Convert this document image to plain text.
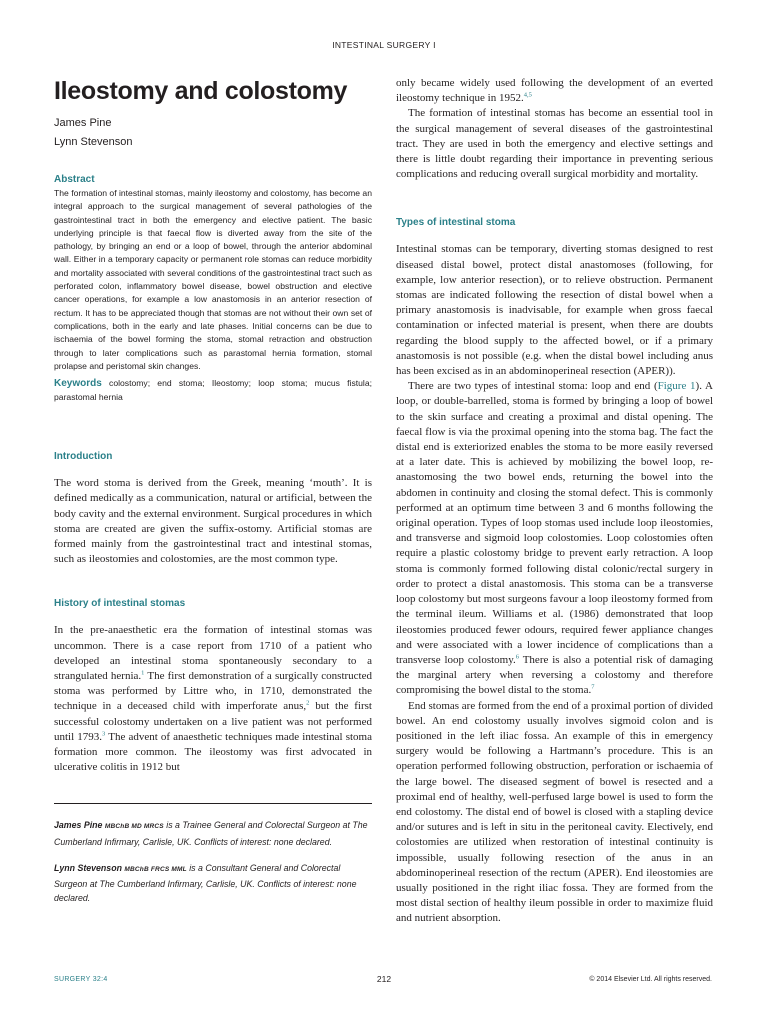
INTESTINAL SURGERY I
Ileostomy and colostomy
James Pine
Lynn Stevenson
Abstract

The formation of intestinal stomas, mainly ileostomy and colostomy, has become an integral approach to the surgical management of several pathologies of the gastrointestinal tract in both the emergency and elective patient. The basic underlying principle is that faecal flow is diverted away from the site of the pathology, by bringing an end or a loop of bowel, through the anterior abdominal wall. Either in a temporary capacity or permanent role stomas can reduce morbidity and mortality associated with several conditions of the gastrointestinal tract such as perforated colon, inflammatory bowel disease, bowel obstruction and elective cancer operations, for example a low anastomosis in an anterior resection of rectum. It has to be appreciated though that stomas are not without their own set of complications, both in the early and late phases. Initial concerns can be due to ischaemia of the bowel forming the stoma, stomal retraction and obstruction through to later complications such as parastomal hernia formation, stomal prolapse and peristomal skin changes.

Keywords colostomy; end stoma; Ileostomy; loop stoma; mucus fistula; parastomal hernia

Introduction

The word stoma is derived from the Greek, meaning ‘mouth’. It is defined medically as a communication, natural or artificial, between the body cavity and the external environment. Surgical procedures in which stoma are created are given the suffix-ostomy. Artificial stomas are formed mainly from the gastrointestinal tract and intestinal stomas, such as ileostomies and colostomies, are the most common type.

History of intestinal stomas

In the pre-anaesthetic era the formation of intestinal stomas was uncommon. There is a case report from 1710 of a patient who developed an intestinal stoma spontaneously secondary to a strangulated hernia.$^1$ The first demonstration of a surgically constructed stoma was performed by Littre who, in 1710, demonstrated the technique in a deceased child with imperforate anus,$^2$ but the first successful colostomy undertaken on a live patient was not performed until 1793.$^3$ The advent of anaesthetic techniques made intestinal stoma formation more common. The ileostomy was first advocated in ulcerative colitis in 1912 but

James Pine MBChB MD MRCS is a Trainee General and Colorectal Surgeon at The Cumberland Infirmary, Carlisle, UK. Conflicts of interest: none declared.

Lynn Stevenson MBChB FRCS MML is a Consultant General and Colorectal Surgeon at The Cumberland Infirmary, Carlisle, UK. Conflicts of interest: none declared.

only became widely used following the development of an everted ileostomy technique in 1952.$^{4,5}$

The formation of intestinal stomas has become an essential tool in the surgical management of several diseases of the gastrointestinal tract. They are used in both the emergency and elective settings and there is little doubt regarding their importance in preventing serious complications and reducing overall surgical morbidity and mortality.

Types of intestinal stoma

Intestinal stomas can be temporary, diverting stomas designed to rest diseased distal bowel, protect distal anastomoses (following, for example, low anterior resection), or to relieve obstruction. Permanent stomas are indicated following the resection of distal bowel when a primary anastomosis is inadvisable, for example when gross faecal contamination or infected material is present, when there are doubts regarding the blood supply to the affected bowel, or if a primary anastomosis is not possible (e.g. when the distal bowel including anus has been excised as in an abdominoperineal resection (APER)).

There are two types of intestinal stoma: loop and end (Figure 1). A loop, or double-barrelled, stoma is formed by bringing a loop of bowel to the skin surface and creating a proximal and distal opening. The faecal flow is via the proximal opening into the stoma bag. The fact the distal end is exteriorized enables the stoma to be more easily reversed at a later date. This is achieved by mobilizing the bowel loop, re-anastomosing the two bowel ends, returning the bowel into the abdomen in continuity and closing the stomal defect. This is commonly performed at an optimum time between 3 and 6 months following the original operation. Types of loop stomas used include loop ileostomies, and transverse and sigmoid loop colostomies. Loop colostomies often require a plastic colostomy bridge to prevent early retraction. A loop stoma is commonly formed following distal colonic/rectal surgery in order to protect a distal anastomosis. This stoma can be a transverse loop colostomy but most surgeons favour a loop ileostomy formed from the terminal ileum. Williams et al. (1986) demonstrated that loop ileostomies produced fewer odours, required fewer appliance changes and were associated with a lower incidence of complications than a transverse loop colostomy.$^6$ There is also a potential risk of damaging the marginal artery when reversing a colostomy and therefore compromising the bowel distal to the stoma.$^7$

End stomas are formed from the end of a proximal portion of divided bowel. An end colostomy usually involves sigmoid colon and is positioned in the left iliac fossa. An example of this in emergency surgery would be following a Hartmann’s procedure. This is an operation performed following obstruction, perforation or ischaemia of the large bowel. The diseased segment of bowel is resected and a proximal end of healthy, well-perfused large bowel is used to form the end colostomy. The distal end of bowel is closed with a stapling device and/or sutures and is left in situ in the peritoneal cavity. Electively, end colostomies are utilized when restoration of intestinal continuity is impossible, usually following resection of the anus in an abdominoperineal resection of the rectum (APER). End ileostomies are usually positioned in the right iliac fossa. They are formed from the most distal section of healthy ileum possible in order to maximize fluid and nutrient absorption.

SURGERY 32:4	212	© 2014 Elsevier Ltd. All rights reserved.
